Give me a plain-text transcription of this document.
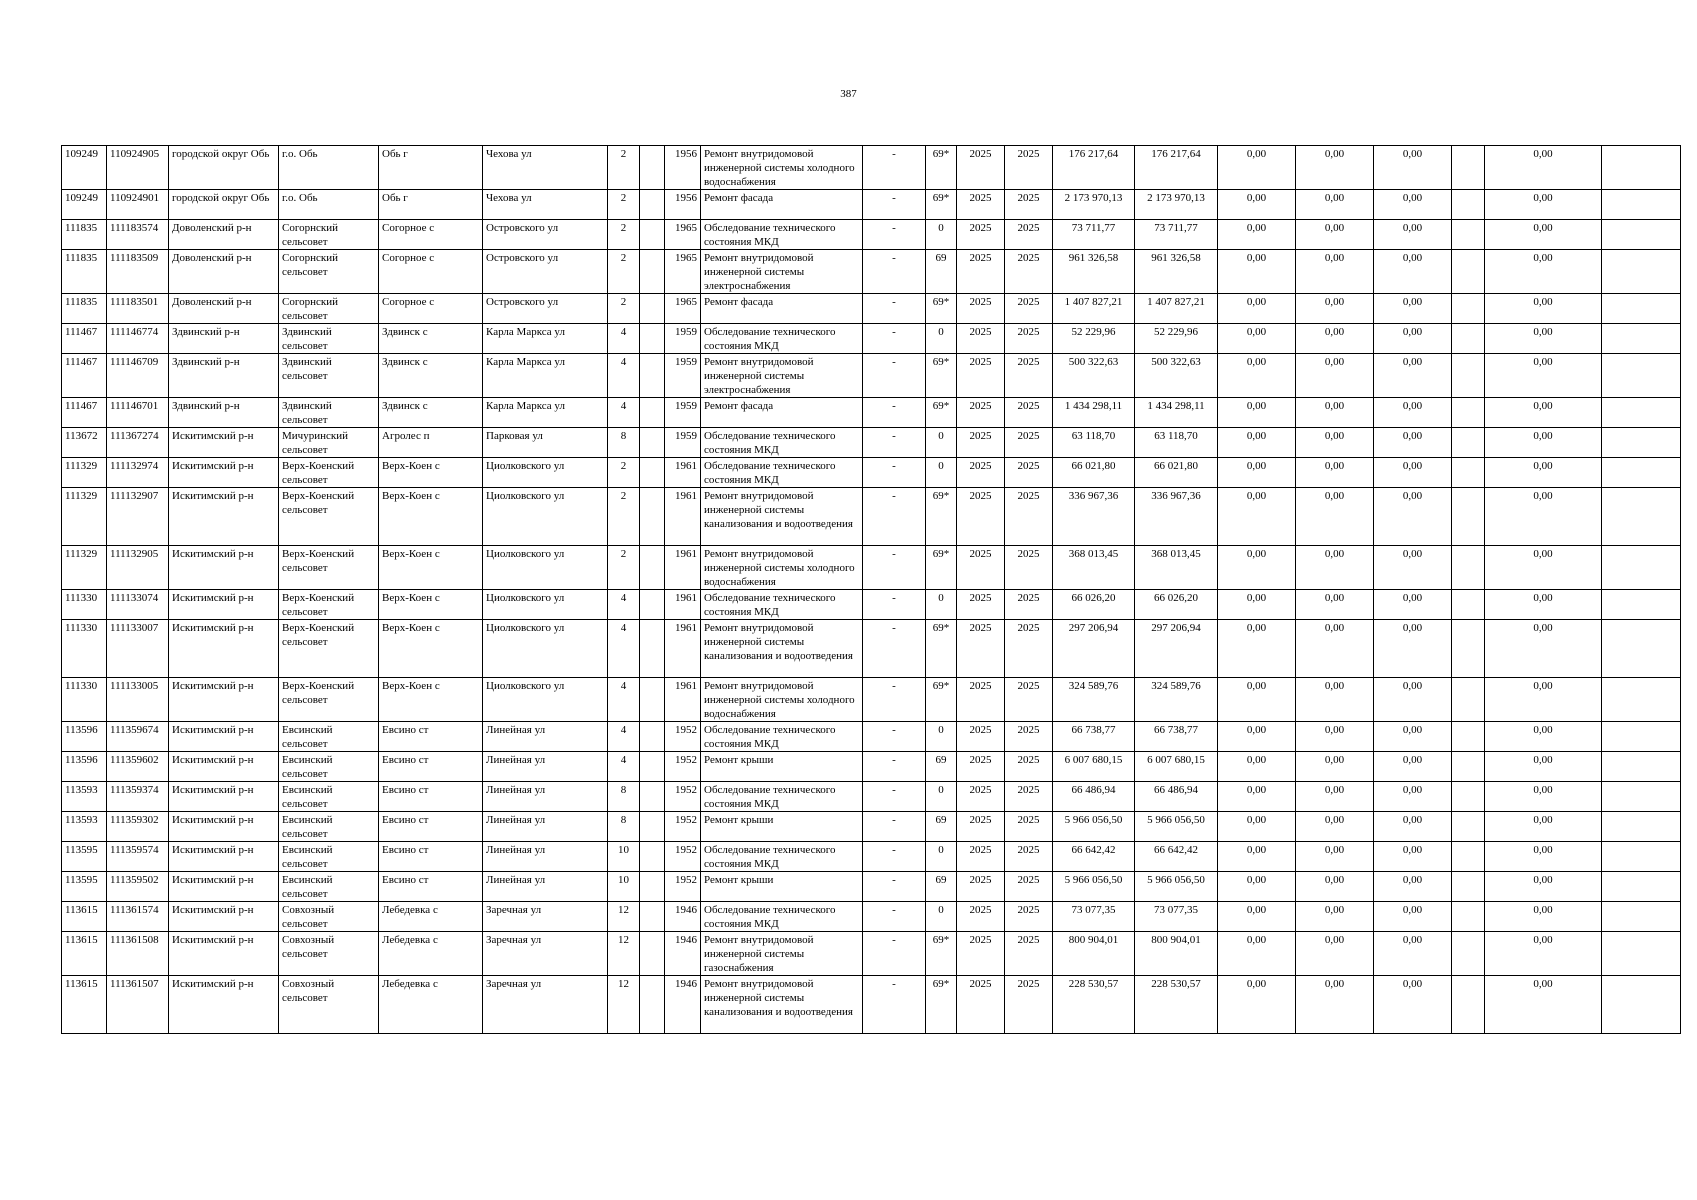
387
109249	110924905	городской округ Обь	г.о. Обь	Обь г	Чехова ул	2		1956	Ремонт внутридомовой инженерной системы холодного водоснабжения	-	69*	2025	2025	176 217,64	176 217,64	0,00	0,00	0,00		0,00	
109249	110924901	городской округ Обь	г.о. Обь	Обь г	Чехова ул	2		1956	Ремонт фасада	-	69*	2025	2025	2 173 970,13	2 173 970,13	0,00	0,00	0,00		0,00	
111835	111183574	Доволенский р-н	Согорнский сельсовет	Согорное с	Островского ул	2		1965	Обследование технического состояния МКД	-	0	2025	2025	73 711,77	73 711,77	0,00	0,00	0,00		0,00	
111835	111183509	Доволенский р-н	Согорнский сельсовет	Согорное с	Островского ул	2		1965	Ремонт внутридомовой инженерной системы электроснабжения	-	69	2025	2025	961 326,58	961 326,58	0,00	0,00	0,00		0,00	
111835	111183501	Доволенский р-н	Согорнский сельсовет	Согорное с	Островского ул	2		1965	Ремонт фасада	-	69*	2025	2025	1 407 827,21	1 407 827,21	0,00	0,00	0,00		0,00	
111467	111146774	Здвинский р-н	Здвинский сельсовет	Здвинск с	Карла Маркса ул	4		1959	Обследование технического состояния МКД	-	0	2025	2025	52 229,96	52 229,96	0,00	0,00	0,00		0,00	
111467	111146709	Здвинский р-н	Здвинский сельсовет	Здвинск с	Карла Маркса ул	4		1959	Ремонт внутридомовой инженерной системы электроснабжения	-	69*	2025	2025	500 322,63	500 322,63	0,00	0,00	0,00		0,00	
111467	111146701	Здвинский р-н	Здвинский сельсовет	Здвинск с	Карла Маркса ул	4		1959	Ремонт фасада	-	69*	2025	2025	1 434 298,11	1 434 298,11	0,00	0,00	0,00		0,00	
113672	111367274	Искитимский р-н	Мичуринский сельсовет	Агролес п	Парковая ул	8		1959	Обследование технического состояния МКД	-	0	2025	2025	63 118,70	63 118,70	0,00	0,00	0,00		0,00	
111329	111132974	Искитимский р-н	Верх-Коенский сельсовет	Верх-Коен с	Циолковского ул	2		1961	Обследование технического состояния МКД	-	0	2025	2025	66 021,80	66 021,80	0,00	0,00	0,00		0,00	
111329	111132907	Искитимский р-н	Верх-Коенский сельсовет	Верх-Коен с	Циолковского ул	2		1961	Ремонт внутридомовой инженерной системы канализования и водоотведения	-	69*	2025	2025	336 967,36	336 967,36	0,00	0,00	0,00		0,00	
111329	111132905	Искитимский р-н	Верх-Коенский сельсовет	Верх-Коен с	Циолковского ул	2		1961	Ремонт внутридомовой инженерной системы холодного водоснабжения	-	69*	2025	2025	368 013,45	368 013,45	0,00	0,00	0,00		0,00	
111330	111133074	Искитимский р-н	Верх-Коенский сельсовет	Верх-Коен с	Циолковского ул	4		1961	Обследование технического состояния МКД	-	0	2025	2025	66 026,20	66 026,20	0,00	0,00	0,00		0,00	
111330	111133007	Искитимский р-н	Верх-Коенский сельсовет	Верх-Коен с	Циолковского ул	4		1961	Ремонт внутридомовой инженерной системы канализования и водоотведения	-	69*	2025	2025	297 206,94	297 206,94	0,00	0,00	0,00		0,00	
111330	111133005	Искитимский р-н	Верх-Коенский сельсовет	Верх-Коен с	Циолковского ул	4		1961	Ремонт внутридомовой инженерной системы холодного водоснабжения	-	69*	2025	2025	324 589,76	324 589,76	0,00	0,00	0,00		0,00	
113596	111359674	Искитимский р-н	Евсинский сельсовет	Евсино ст	Линейная ул	4		1952	Обследование технического состояния МКД	-	0	2025	2025	66 738,77	66 738,77	0,00	0,00	0,00		0,00	
113596	111359602	Искитимский р-н	Евсинский сельсовет	Евсино ст	Линейная ул	4		1952	Ремонт крыши	-	69	2025	2025	6 007 680,15	6 007 680,15	0,00	0,00	0,00		0,00	
113593	111359374	Искитимский р-н	Евсинский сельсовет	Евсино ст	Линейная ул	8		1952	Обследование технического состояния МКД	-	0	2025	2025	66 486,94	66 486,94	0,00	0,00	0,00		0,00	
113593	111359302	Искитимский р-н	Евсинский сельсовет	Евсино ст	Линейная ул	8		1952	Ремонт крыши	-	69	2025	2025	5 966 056,50	5 966 056,50	0,00	0,00	0,00		0,00	
113595	111359574	Искитимский р-н	Евсинский сельсовет	Евсино ст	Линейная ул	10		1952	Обследование технического состояния МКД	-	0	2025	2025	66 642,42	66 642,42	0,00	0,00	0,00		0,00	
113595	111359502	Искитимский р-н	Евсинский сельсовет	Евсино ст	Линейная ул	10		1952	Ремонт крыши	-	69	2025	2025	5 966 056,50	5 966 056,50	0,00	0,00	0,00		0,00	
113615	111361574	Искитимский р-н	Совхозный сельсовет	Лебедевка с	Заречная ул	12		1946	Обследование технического состояния МКД	-	0	2025	2025	73 077,35	73 077,35	0,00	0,00	0,00		0,00	
113615	111361508	Искитимский р-н	Совхозный сельсовет	Лебедевка с	Заречная ул	12		1946	Ремонт внутридомовой инженерной системы газоснабжения	-	69*	2025	2025	800 904,01	800 904,01	0,00	0,00	0,00		0,00	
113615	111361507	Искитимский р-н	Совхозный сельсовет	Лебедевка с	Заречная ул	12		1946	Ремонт внутридомовой инженерной системы канализования и водоотведения	-	69*	2025	2025	228 530,57	228 530,57	0,00	0,00	0,00		0,00	
